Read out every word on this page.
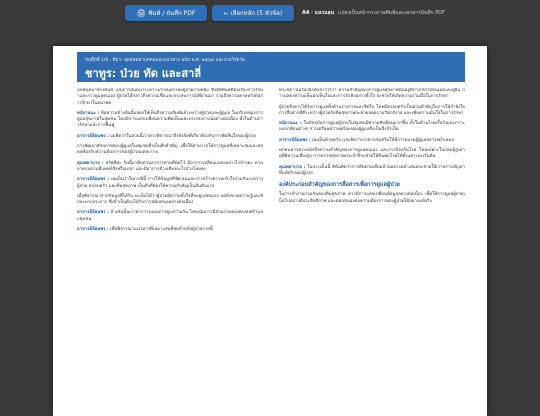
🖨 พิมพ์ / บันทึก PDF	← เลือกหลัก (5 หัวข้อ)	A4 · แนวนอน แปลงเป็นหน้ากระดาษพิมพ์และเอกสารบันทึก PDF
บันทึกที่ 1/6 · ที่มา: จุดสนทนาบุคคลและแนวทาง ฉบับ พ.ศ. ๒๕๖๔ และงานวิจัยวัด
ชาทูร: ป่วย ทัด และสาลี่

บทสนทนาข้างต้นนี้ เป็นการสนทนาระหว่างภายนอกไทยผู้ป่วยรายหนึ่ง ซึ่งมีทัศนคติต่อเรื่องการรักษาและการดูแลตนเอง ผู้ป่วยได้กล่าวถึงความเชื่อและประสบการณ์ที่ผ่านมา รวมถึงความคาดหวังต่อการรักษาในอนาคต

หนังานนะ : ข้อความข้างต้นนี้แสดงให้เห็นถึงความสัมพันธ์ระหว่างผู้ป่วยและผู้ดูแล ในบริบทของการดูแลสุขภาพในชุมชน โดยมีการแลกเปลี่ยนความคิดเห็นและประสบการณ์อย่างต่อเนื่อง ทั้งในด้านการรักษาและการฟื้นฟู

อาจารย์อ้อมพร : ผมคิดว่าในส่วนนี้เราควรพิจารณาถึงปัจจัยที่เกี่ยวข้องกับการตัดสินใจของผู้ป่วย

การพัฒนาศักยภาพของผู้ดูแลในชุมชนจึงเป็นสิ่งสำคัญ เพื่อให้สามารถให้การดูแลที่เหมาะสมและสอดคล้องกับความต้องการของผู้ป่วยแต่ละราย

คุณพยาบาล : สวัสดีค่ะ วันนี้มาติดตามอาการตามที่นัดไว้ มีอาการเปลี่ยนแปลงอย่างไรบ้างคะ ทานยาครบตามที่แพทย์สั่งหรือเปล่า และมีอาการข้างเคียงอะไรบ้างไหมคะ

อาจารย์อ้อมพร : ผมเห็นว่าในกรณีนี้ การให้ข้อมูลที่ชัดเจนและการสร้างความเข้าใจร่วมกันระหว่างผู้ป่วย ครอบครัว และทีมสุขภาพ เป็นสิ่งที่ต้องให้ความสำคัญเป็นอันดับแรก

เมื่อพิจารณาจากข้อมูลที่ได้รับ จะเห็นได้ว่าผู้ป่วยมีความตั้งใจที่จะดูแลตนเอง แต่ยังขาดความรู้และทักษะบางประการ ซึ่งจำเป็นต้องได้รับการสนับสนุนอย่างต่อเนื่อง

อาจารย์อ้อมพร : ถ้าเช่นนั้นเราควรวางแผนการดูแลร่วมกัน โดยเน้นการมีส่วนร่วมของครอบครัวและชุมชน

อาจารย์อ้อมพร : เพื่อพิจารณาแนวทางที่เหมาะสมที่สุดสำหรับผู้ป่วยรายนี้

พระบิดาในเรื่องนี้ได้กล่าวไว้ว่า ความสำคัญของการดูแลสุขภาพนั้นอยู่ที่การเข้าใจตนเองและผู้อื่น การแสดงความเห็นอกเห็นใจและการรับฟังอย่างตั้งใจ จะช่วยให้เกิดความร่วมมือในการรักษา

ผู้ป่วยจึงควรได้รับการดูแลทั้งด้านร่างกายและจิตใจ โดยมีครอบครัวเป็นส่วนสำคัญในการให้กำลังใจ การสื่อสารที่ดีระหว่างผู้ป่วยกับทีมสุขภาพจะช่วยลดความวิตกกังวล และเพิ่มความมั่นใจในการรักษา

หนังานนะ : ในปัจจุบันการดูแลผู้ป่วยในชุมชนมีความซับซ้อนมากขึ้น ทั้งในด้านโรคเรื้อรังและภาวะแทรกซ้อนต่างๆ การเตรียมความพร้อมของผู้ดูแลจึงเป็นสิ่งจำเป็น

อาจารย์อ้อมพร : ผมเห็นด้วยครับ และคิดว่าเราควรส่งเสริมให้มีการอบรมผู้ดูแลอย่างสม่ำเสมอ

ทุกคนควรตระหนักถึงความสำคัญของการดูแลตนเอง และการป้องกันโรค โดยเฉพาะในกลุ่มผู้สูงอายุที่มีความเสี่ยงสูง การตรวจสุขภาพประจำปีจะช่วยให้ค้นพบโรคได้ตั้งแต่ระยะเริ่มต้น

คุณพยาบาล : ในประเด็นนี้ ดิฉันคิดว่าการติดตามเยี่ยมบ้านอย่างสม่ำเสมอจะช่วยให้เราทราบปัญหาที่แท้จริงของผู้ป่วย

องค์ประกอบสำคัญของการสื่อสารเพื่อการดูแลผู้ป่วย

ในการทำงานร่วมกันของทีมสุขภาพ ควรมีการแลกเปลี่ยนข้อมูลอย่างต่อเนื่อง เพื่อให้การดูแลผู้ป่วยเป็นไปอย่างมีประสิทธิภาพ และตอบสนองต่อความต้องการของผู้ป่วยได้อย่างแท้จริง
